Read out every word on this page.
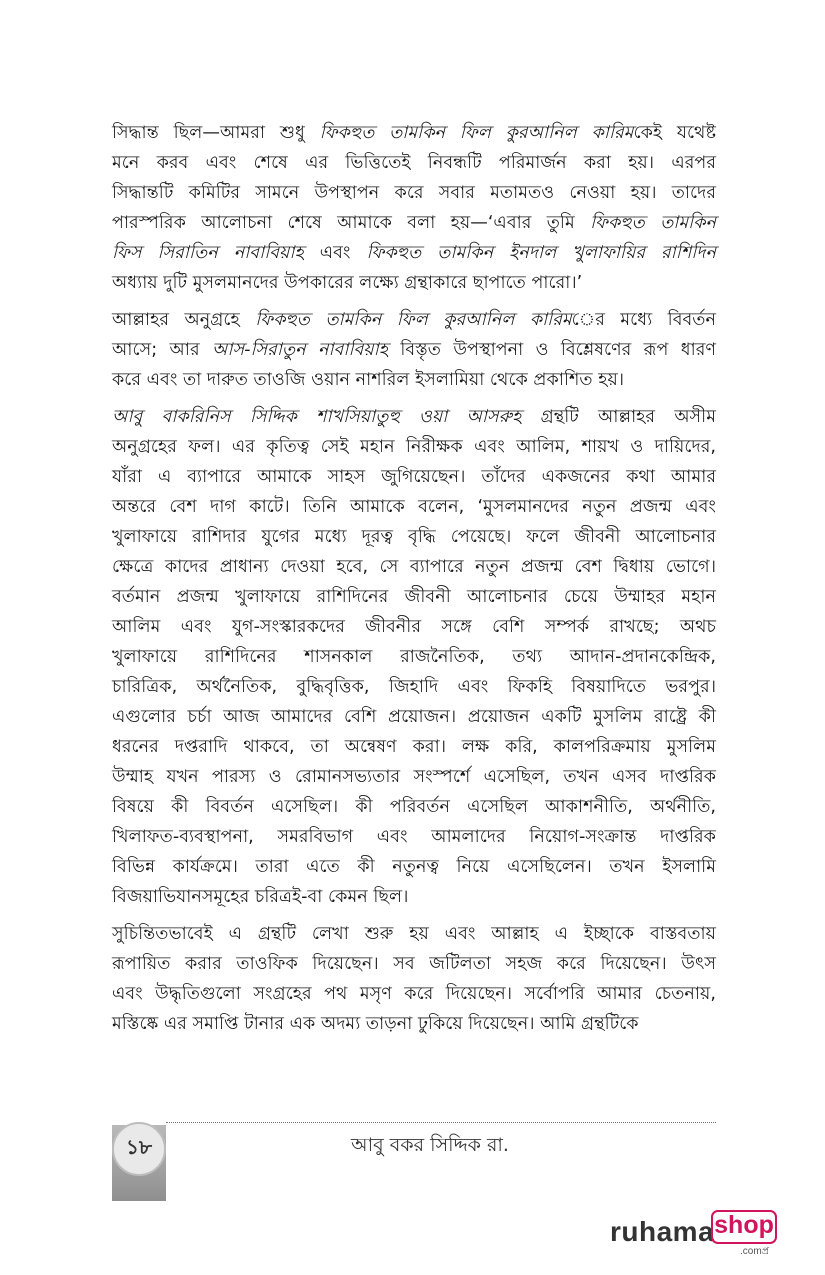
সিদ্ধান্ত ছিল—আমরা শুধু ফিকহুত তামকিন ফিল কুরআনিল কারিমকেই যথেষ্ট
মনে করব এবং শেষে এর ভিত্তিতেই নিবন্ধটি পরিমার্জন করা হয়। এরপর
সিদ্ধান্তটি কমিটির সামনে উপস্থাপন করে সবার মতামতও নেওয়া হয়। তাদের
পারস্পরিক আলোচনা শেষে আমাকে বলা হয়—‘এবার তুমি ফিকহুত তামকিন
ফিস সিরাতিন নাবাবিয়াহ এবং ফিকহুত তামকিন ইনদাল খুলাফায়ির রাশিদিন
অধ্যায় দুটি মুসলমানদের উপকারের লক্ষ্যে গ্রন্থাকারে ছাপাতে পারো।’
আল্লাহর অনুগ্রহে ফিকহুত তামকিন ফিল কুরআনিল কারিমের মধ্যে বিবর্তন
আসে; আর আস-সিরাতুন নাবাবিয়াহ বিস্তৃত উপস্থাপনা ও বিশ্লেষণের রূপ ধারণ
করে এবং তা দারুত তাওজি ওয়ান নাশরিল ইসলামিয়া থেকে প্রকাশিত হয়।
আবু বাকরিনিস সিদ্দিক শাখসিয়াতুহু ওয়া আসরুহ গ্রন্থটি আল্লাহর অসীম
অনুগ্রহের ফল। এর কৃতিত্ব সেই মহান নিরীক্ষক এবং আলিম, শায়খ ও দায়িদের,
যাঁরা এ ব্যাপারে আমাকে সাহস জুগিয়েছেন। তাঁদের একজনের কথা আমার
অন্তরে বেশ দাগ কাটে। তিনি আমাকে বলেন, ‘মুসলমানদের নতুন প্রজন্ম এবং
খুলাফায়ে রাশিদার যুগের মধ্যে দূরত্ব বৃদ্ধি পেয়েছে। ফলে জীবনী আলোচনার
ক্ষেত্রে কাদের প্রাধান্য দেওয়া হবে, সে ব্যাপারে নতুন প্রজন্ম বেশ দ্বিধায় ভোগে।
বর্তমান প্রজন্ম খুলাফায়ে রাশিদিনের জীবনী আলোচনার চেয়ে উম্মাহর মহান
আলিম এবং যুগ-সংস্কারকদের জীবনীর সঙ্গে বেশি সম্পর্ক রাখছে; অথচ
খুলাফায়ে রাশিদিনের শাসনকাল রাজনৈতিক, তথ্য আদান-প্রদানকেন্দ্রিক,
চারিত্রিক, অর্থনৈতিক, বুদ্ধিবৃত্তিক, জিহাদি এবং ফিকহি বিষয়াদিতে ভরপুর।
এগুলোর চর্চা আজ আমাদের বেশি প্রয়োজন। প্রয়োজন একটি মুসলিম রাষ্ট্রে কী
ধরনের দপ্তরাদি থাকবে, তা অন্বেষণ করা। লক্ষ করি, কালপরিক্রমায় মুসলিম
উম্মাহ যখন পারস্য ও রোমানসভ্যতার সংস্পর্শে এসেছিল, তখন এসব দাপ্তরিক
বিষয়ে কী বিবর্তন এসেছিল। কী পরিবর্তন এসেছিল আকাশনীতি, অর্থনীতি,
খিলাফত-ব্যবস্থাপনা, সমরবিভাগ এবং আমলাদের নিয়োগ-সংক্রান্ত দাপ্তরিক
বিভিন্ন কার্যক্রমে। তারা এতে কী নতুনত্ব নিয়ে এসেছিলেন। তখন ইসলামি
বিজয়াভিযানসমূহের চরিত্রই-বা কেমন ছিল।
সুচিন্তিতভাবেই এ গ্রন্থটি লেখা শুরু হয় এবং আল্লাহ এ ইচ্ছাকে বাস্তবতায়
রূপায়িত করার তাওফিক দিয়েছেন। সব জটিলতা সহজ করে দিয়েছেন। উৎস
এবং উদ্ধৃতিগুলো সংগ্রহের পথ মসৃণ করে দিয়েছেন। সর্বোপরি আমার চেতনায়,
মস্তিষ্কে এর সমাপ্তি টানার এক অদম্য তাড়না ঢুকিয়ে দিয়েছেন। আমি গ্রন্থটিকে
১৮	আবু বকর সিদ্দিক রা.
ruhama shop
.comপ্র
